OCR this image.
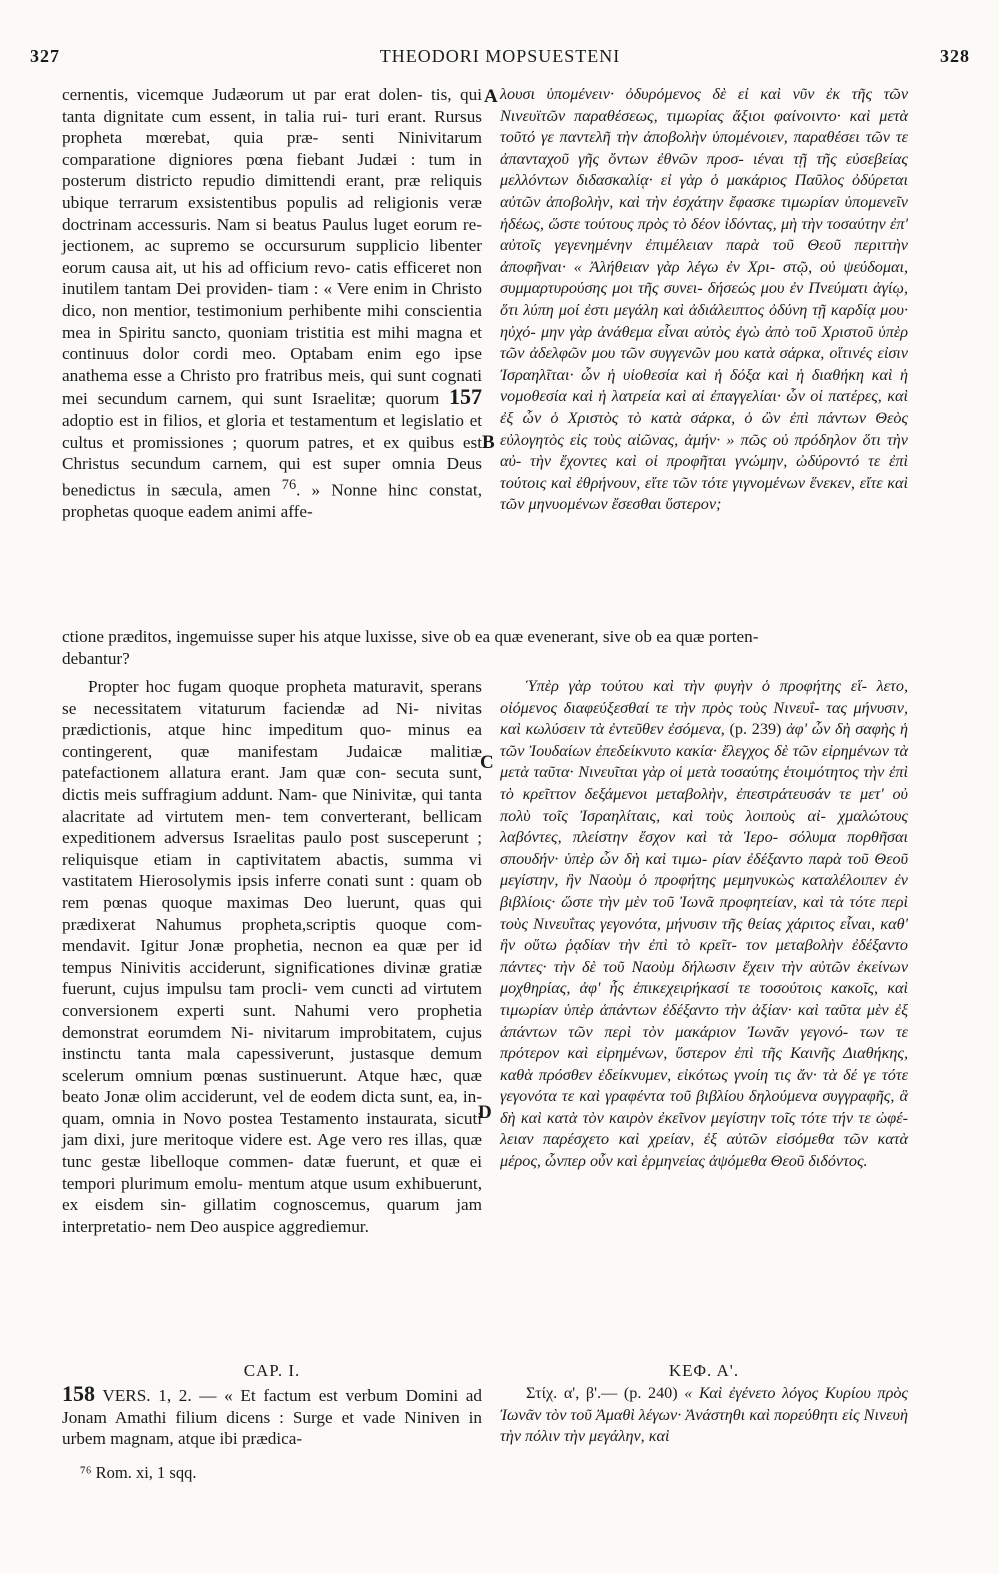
327	THEODORI MOPSUESTENI	328

cernentis, vicemque Judæorum ut par erat dolen- tis, qui tanta dignitate cum essent, in talia rui- turi erant. Rursus propheta mœrebat, quia præ- senti Ninivitarum comparatione digniores pœna fiebant Judæi : tum in posterum districto repudio dimittendi erant, præ reliquis ubique terrarum exsistentibus populis ad religionis veræ doctrinam accessuris. Nam si beatus Paulus luget eorum re- jectionem, ac supremo se occursurum supplicio libenter eorum causa ait, ut his ad officium revo- catis efficeret non inutilem tantam Dei providen- tiam : « Vere enim in Christo dico, non mentior, testimonium perhibente mihi conscientia mea in Spiritu sancto, quoniam tristitia est mihi magna et continuus dolor cordi meo. Optabam enim ego ipse anathema esse a Christo pro fratribus meis, qui sunt cognati mei secundum carnem, qui sunt Israelitæ; quorum 157 adoptio est in filios, et gloria et testamentum et legislatio et cultus et promissiones ; quorum patres, et ex quibus est Christus secundum carnem, qui est super omnia Deus benedictus in sæcula, amen $^{76}$. » Nonne hinc constat, prophetas quoque eadem animi affe-

ctione præditos, ingemuisse super his atque luxisse, sive ob ea quæ evenerant, sive ob ea quæ porten-

debantur?

Propter hoc fugam quoque propheta maturavit, sperans se necessitatem vitaturum faciendæ ad Ni- nivitas prædictionis, atque hinc impeditum quo- minus ea contingerent, quæ manifestam Judaicæ malitiæ patefactionem allatura erant. Jam quæ con- secuta sunt, dictis meis suffragium addunt. Nam- que Ninivitæ, qui tanta alacritate ad virtutem men- tem converterant, bellicam expeditionem adversus Israelitas paulo post susceperunt ; reliquisque etiam in captivitatem abactis, summa vi vastitatem Hierosolymis ipsis inferre conati sunt : quam ob rem pœnas quoque maximas Deo luerunt, quas qui prædixerat Nahumus propheta,scriptis quoque com- mendavit. Igitur Jonæ prophetia, necnon ea quæ per id tempus Ninivitis acciderunt, significationes divinæ gratiæ fuerunt, cujus impulsu tam procli- vem cuncti ad virtutem conversionem experti sunt. Nahumi vero prophetia demonstrat eorumdem Ni- nivitarum improbitatem, cujus instinctu tanta mala capessiverunt, justasque demum scelerum omnium pœnas sustinuerunt. Atque hæc, quæ beato Jonæ olim acciderunt, vel de eodem dicta sunt, ea, in- quam, omnia in Novo postea Testamento instaurata, sicuti jam dixi, jure meritoque videre est. Age vero res illas, quæ tunc gestæ libelloque commen- datæ fuerunt, et quæ ei tempori plurimum emolu- mentum atque usum exhibuerunt, ex eisdem sin- gillatim cognoscemus, quarum jam interpretatio- nem Deo auspice aggrediemur.

CAP. I.

158 VERS. 1, 2. — « Et factum est verbum Domini ad Jonam Amathi filium dicens : Surge et vade Niniven in urbem magnam, atque ibi prædica-

⁷⁶ Rom. xi, 1 sqq.

λουσι ὑπομένειν· ὀδυρόμενος δὲ εἰ καὶ νῦν ἐκ τῆς τῶν Νινευϊτῶν παραθέσεως, τιμωρίας ἄξιοι φαίνοιντο· καὶ μετὰ τοῦτό γε παντελῆ τὴν ἀποβολὴν ὑπομένοιεν, παραθέσει τῶν τε ἀπανταχοῦ γῆς ὄντων ἐθνῶν προσ- ιέναι τῇ τῆς εὐσεβείας μελλόντων διδασκαλίᾳ· εἰ γὰρ ὁ μακάριος Παῦλος ὀδύρεται αὐτῶν ἀποβολὴν, καὶ τὴν ἐσχάτην ἔφασκε τιμωρίαν ὑπομενεῖν ἡδέως, ὥστε τούτους πρὸς τὸ δέον ἰδόντας, μὴ τὴν τοσαύτην ἐπ' αὐτοῖς γεγενημένην ἐπιμέλειαν παρὰ τοῦ Θεοῦ περιττὴν ἀποφῆναι· « Ἀλήθειαν γὰρ λέγω ἐν Χρι- στῷ, οὐ ψεύδομαι, συμμαρτυρούσης μοι τῆς συνει- δήσεώς μου ἐν Πνεύματι ἁγίῳ, ὅτι λύπη μοί ἐστι μεγάλη καὶ ἀδιάλειπτος ὀδύνη τῇ καρδίᾳ μου· ηὐχό- μην γὰρ ἀνάθεμα εἶναι αὐτὸς ἐγὼ ἀπὸ τοῦ Χριστοῦ ὑπὲρ τῶν ἀδελφῶν μου τῶν συγγενῶν μου κατὰ σάρκα, οἵτινές εἰσιν Ἰσραηλῖται· ὧν ἡ υἱοθεσία καὶ ἡ δόξα καὶ ἡ διαθήκη καὶ ἡ νομοθεσία καὶ ἡ λατρεία καὶ αἱ ἐπαγγελίαι· ὧν οἱ πατέρες, καὶ ἐξ ὧν ὁ Χριστὸς τὸ κατὰ σάρκα, ὁ ὢν ἐπὶ πάντων Θεὸς εὐλογητὸς εἰς τοὺς αἰῶνας, ἀμήν· » πῶς οὐ πρόδηλον ὅτι τὴν αὐ- τὴν ἔχοντες καὶ οἱ προφῆται γνώμην, ὠδύροντό τε ἐπὶ τούτοις καὶ ἐθρήνουν, εἴτε τῶν τότε γιγνομένων ἕνεκεν, εἴτε καὶ τῶν μηνυομένων ἔσεσθαι ὕστερον;

Ὑπὲρ γὰρ τούτου καὶ τὴν φυγὴν ὁ προφήτης εἵ- λετο, οἰόμενος διαφεύξεσθαί τε τὴν πρὸς τοὺς Νινευΐ- τας μήνυσιν, καὶ κωλύσειν τὰ ἐντεῦθεν ἐσόμενα, (p. 239) ἀφ' ὧν δὴ σαφὴς ἡ τῶν Ἰουδαίων ἐπεδείκνυτο κακία· ἔλεγχος δὲ τῶν εἰρημένων τὰ μετὰ ταῦτα· Νινευῖται γὰρ οἱ μετὰ τοσαύτης ἑτοιμότητος τὴν ἐπὶ τὸ κρεῖττον δεξάμενοι μεταβολὴν, ἐπεστράτευσάν τε μετ' οὐ πολὺ τοῖς Ἰσραηλίταις, καὶ τοὺς λοιποὺς αἰ- χμαλώτους λαβόντες, πλείστην ἔσχον καὶ τὰ Ἱερο- σόλυμα πορθῆσαι σπουδήν· ὑπὲρ ὧν δὴ καὶ τιμω- ρίαν ἐδέξαντο παρὰ τοῦ Θεοῦ μεγίστην, ἣν Ναοὺμ ὁ προφήτης μεμηνυκὼς καταλέλοιπεν ἐν βιβλίοις· ὥστε τὴν μὲν τοῦ Ἰωνᾶ προφητείαν, καὶ τὰ τότε περὶ τοὺς Νινευΐτας γεγονότα, μήνυσιν τῆς θείας χάριτος εἶναι, καθ' ἣν οὕτω ῥᾳδίαν τὴν ἐπὶ τὸ κρεῖτ- τον μεταβολὴν ἐδέξαντο πάντες· τὴν δὲ τοῦ Ναοὺμ δήλωσιν ἔχειν τὴν αὐτῶν ἐκείνων μοχθηρίας, ἀφ' ἧς ἐπικεχειρήκασί τε τοσούτοις κακοῖς, καὶ τιμωρίαν ὑπὲρ ἁπάντων ἐδέξαντο τὴν ἀξίαν· καὶ ταῦτα μὲν ἐξ ἁπάντων τῶν περὶ τὸν μακάριον Ἰωνᾶν γεγονό- των τε πρότερον καὶ εἰρημένων, ὕστερον ἐπὶ τῆς Καινῆς Διαθήκης, καθὰ πρόσθεν ἐδείκνυμεν, εἰκότως γνοίη τις ἄν· τὰ δέ γε τότε γεγονότα τε καὶ γραφέντα τοῦ βιβλίου δηλούμενα συγγραφῆς, ἃ δὴ καὶ κατὰ τὸν καιρὸν ἐκεῖνον μεγίστην τοῖς τότε τήν τε ὠφέ- λειαν παρέσχετο καὶ χρείαν, ἐξ αὐτῶν εἰσόμεθα τῶν κατὰ μέρος, ὧνπερ οὖν καὶ ἑρμηνείας ἀψόμεθα Θεοῦ διδόντος.

ΚΕΦ. Α'.

Στίχ. α', β'.— (p. 240) « Καὶ ἐγένετο λόγος Κυρίου πρὸς Ἰωνᾶν τὸν τοῦ Ἀμαθὶ λέγων· Ἀνάστηθι καὶ πορεύθητι εἰς Νινευὴ τὴν πόλιν τὴν μεγάλην, καὶ

A
B
C
D
